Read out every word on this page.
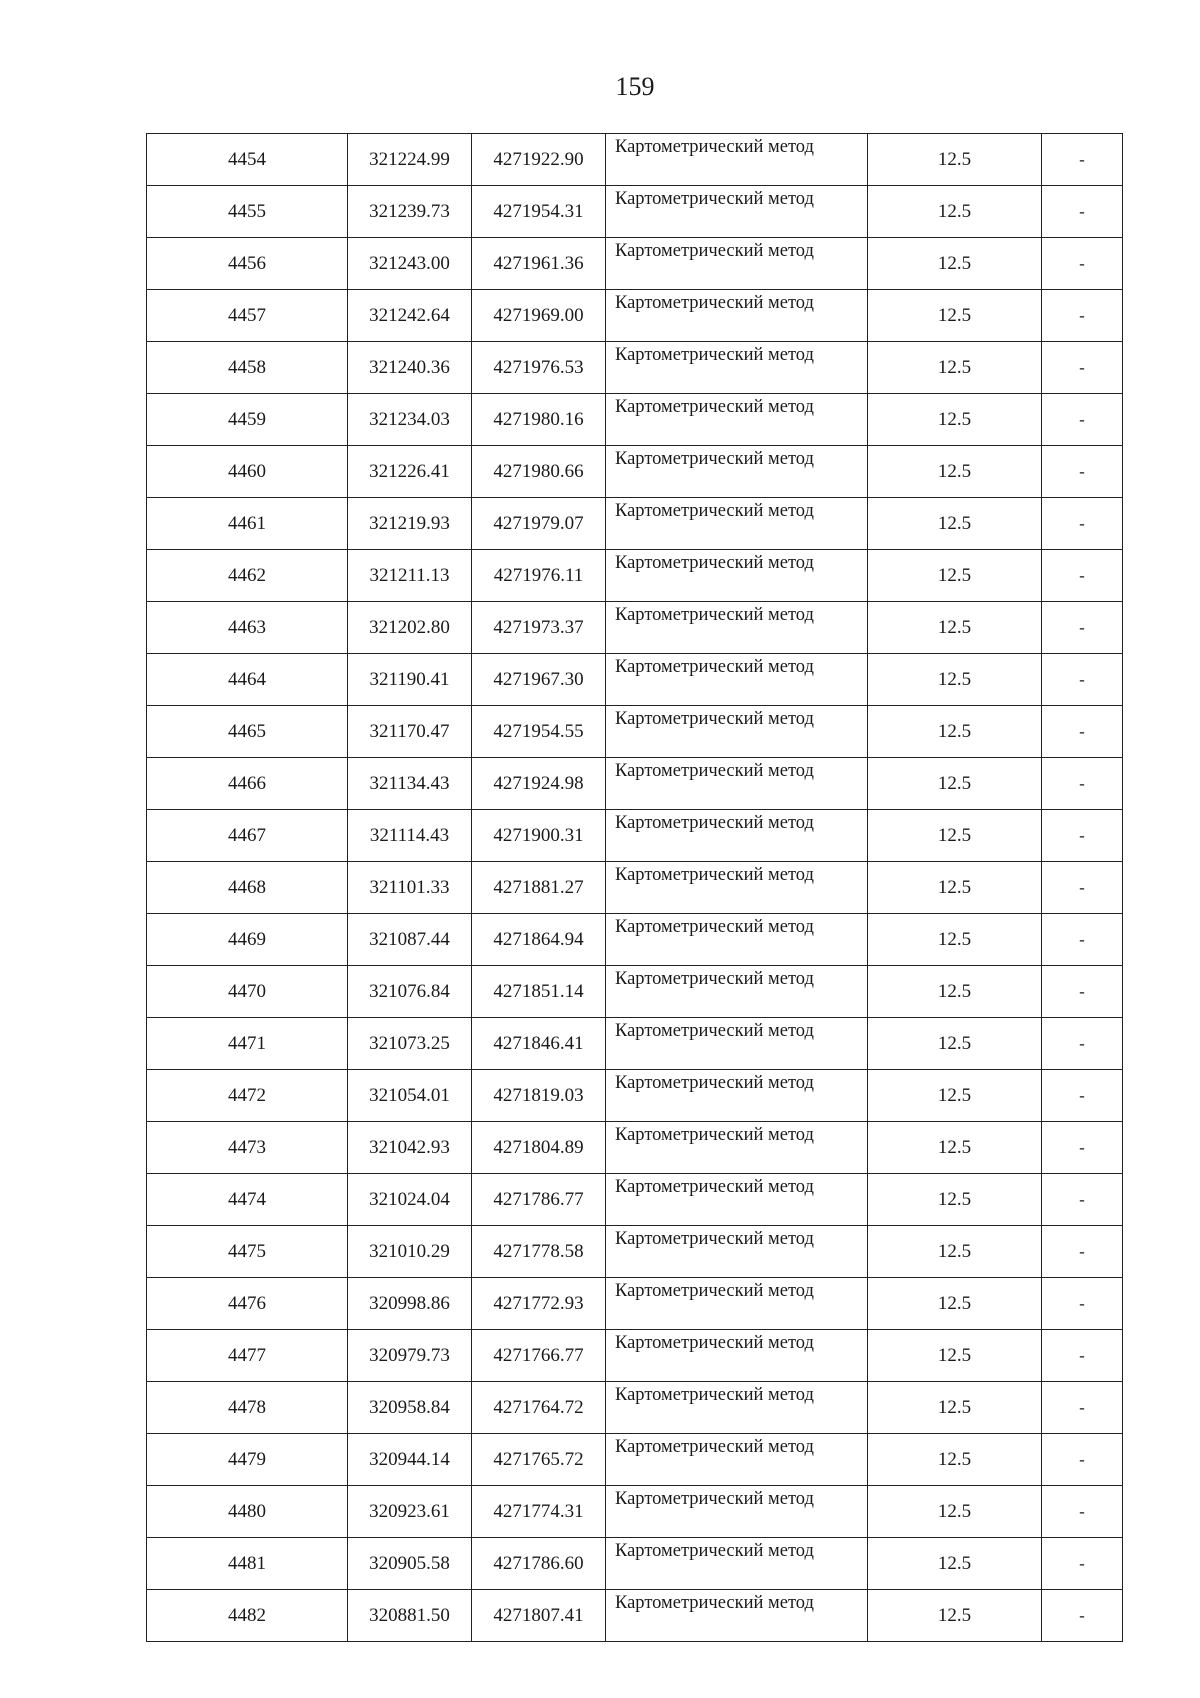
159
4454	321224.99	4271922.90	Картометрический метод	12.5	-
4455	321239.73	4271954.31	Картометрический метод	12.5	-
4456	321243.00	4271961.36	Картометрический метод	12.5	-
4457	321242.64	4271969.00	Картометрический метод	12.5	-
4458	321240.36	4271976.53	Картометрический метод	12.5	-
4459	321234.03	4271980.16	Картометрический метод	12.5	-
4460	321226.41	4271980.66	Картометрический метод	12.5	-
4461	321219.93	4271979.07	Картометрический метод	12.5	-
4462	321211.13	4271976.11	Картометрический метод	12.5	-
4463	321202.80	4271973.37	Картометрический метод	12.5	-
4464	321190.41	4271967.30	Картометрический метод	12.5	-
4465	321170.47	4271954.55	Картометрический метод	12.5	-
4466	321134.43	4271924.98	Картометрический метод	12.5	-
4467	321114.43	4271900.31	Картометрический метод	12.5	-
4468	321101.33	4271881.27	Картометрический метод	12.5	-
4469	321087.44	4271864.94	Картометрический метод	12.5	-
4470	321076.84	4271851.14	Картометрический метод	12.5	-
4471	321073.25	4271846.41	Картометрический метод	12.5	-
4472	321054.01	4271819.03	Картометрический метод	12.5	-
4473	321042.93	4271804.89	Картометрический метод	12.5	-
4474	321024.04	4271786.77	Картометрический метод	12.5	-
4475	321010.29	4271778.58	Картометрический метод	12.5	-
4476	320998.86	4271772.93	Картометрический метод	12.5	-
4477	320979.73	4271766.77	Картометрический метод	12.5	-
4478	320958.84	4271764.72	Картометрический метод	12.5	-
4479	320944.14	4271765.72	Картометрический метод	12.5	-
4480	320923.61	4271774.31	Картометрический метод	12.5	-
4481	320905.58	4271786.60	Картометрический метод	12.5	-
4482	320881.50	4271807.41	Картометрический метод	12.5	-
